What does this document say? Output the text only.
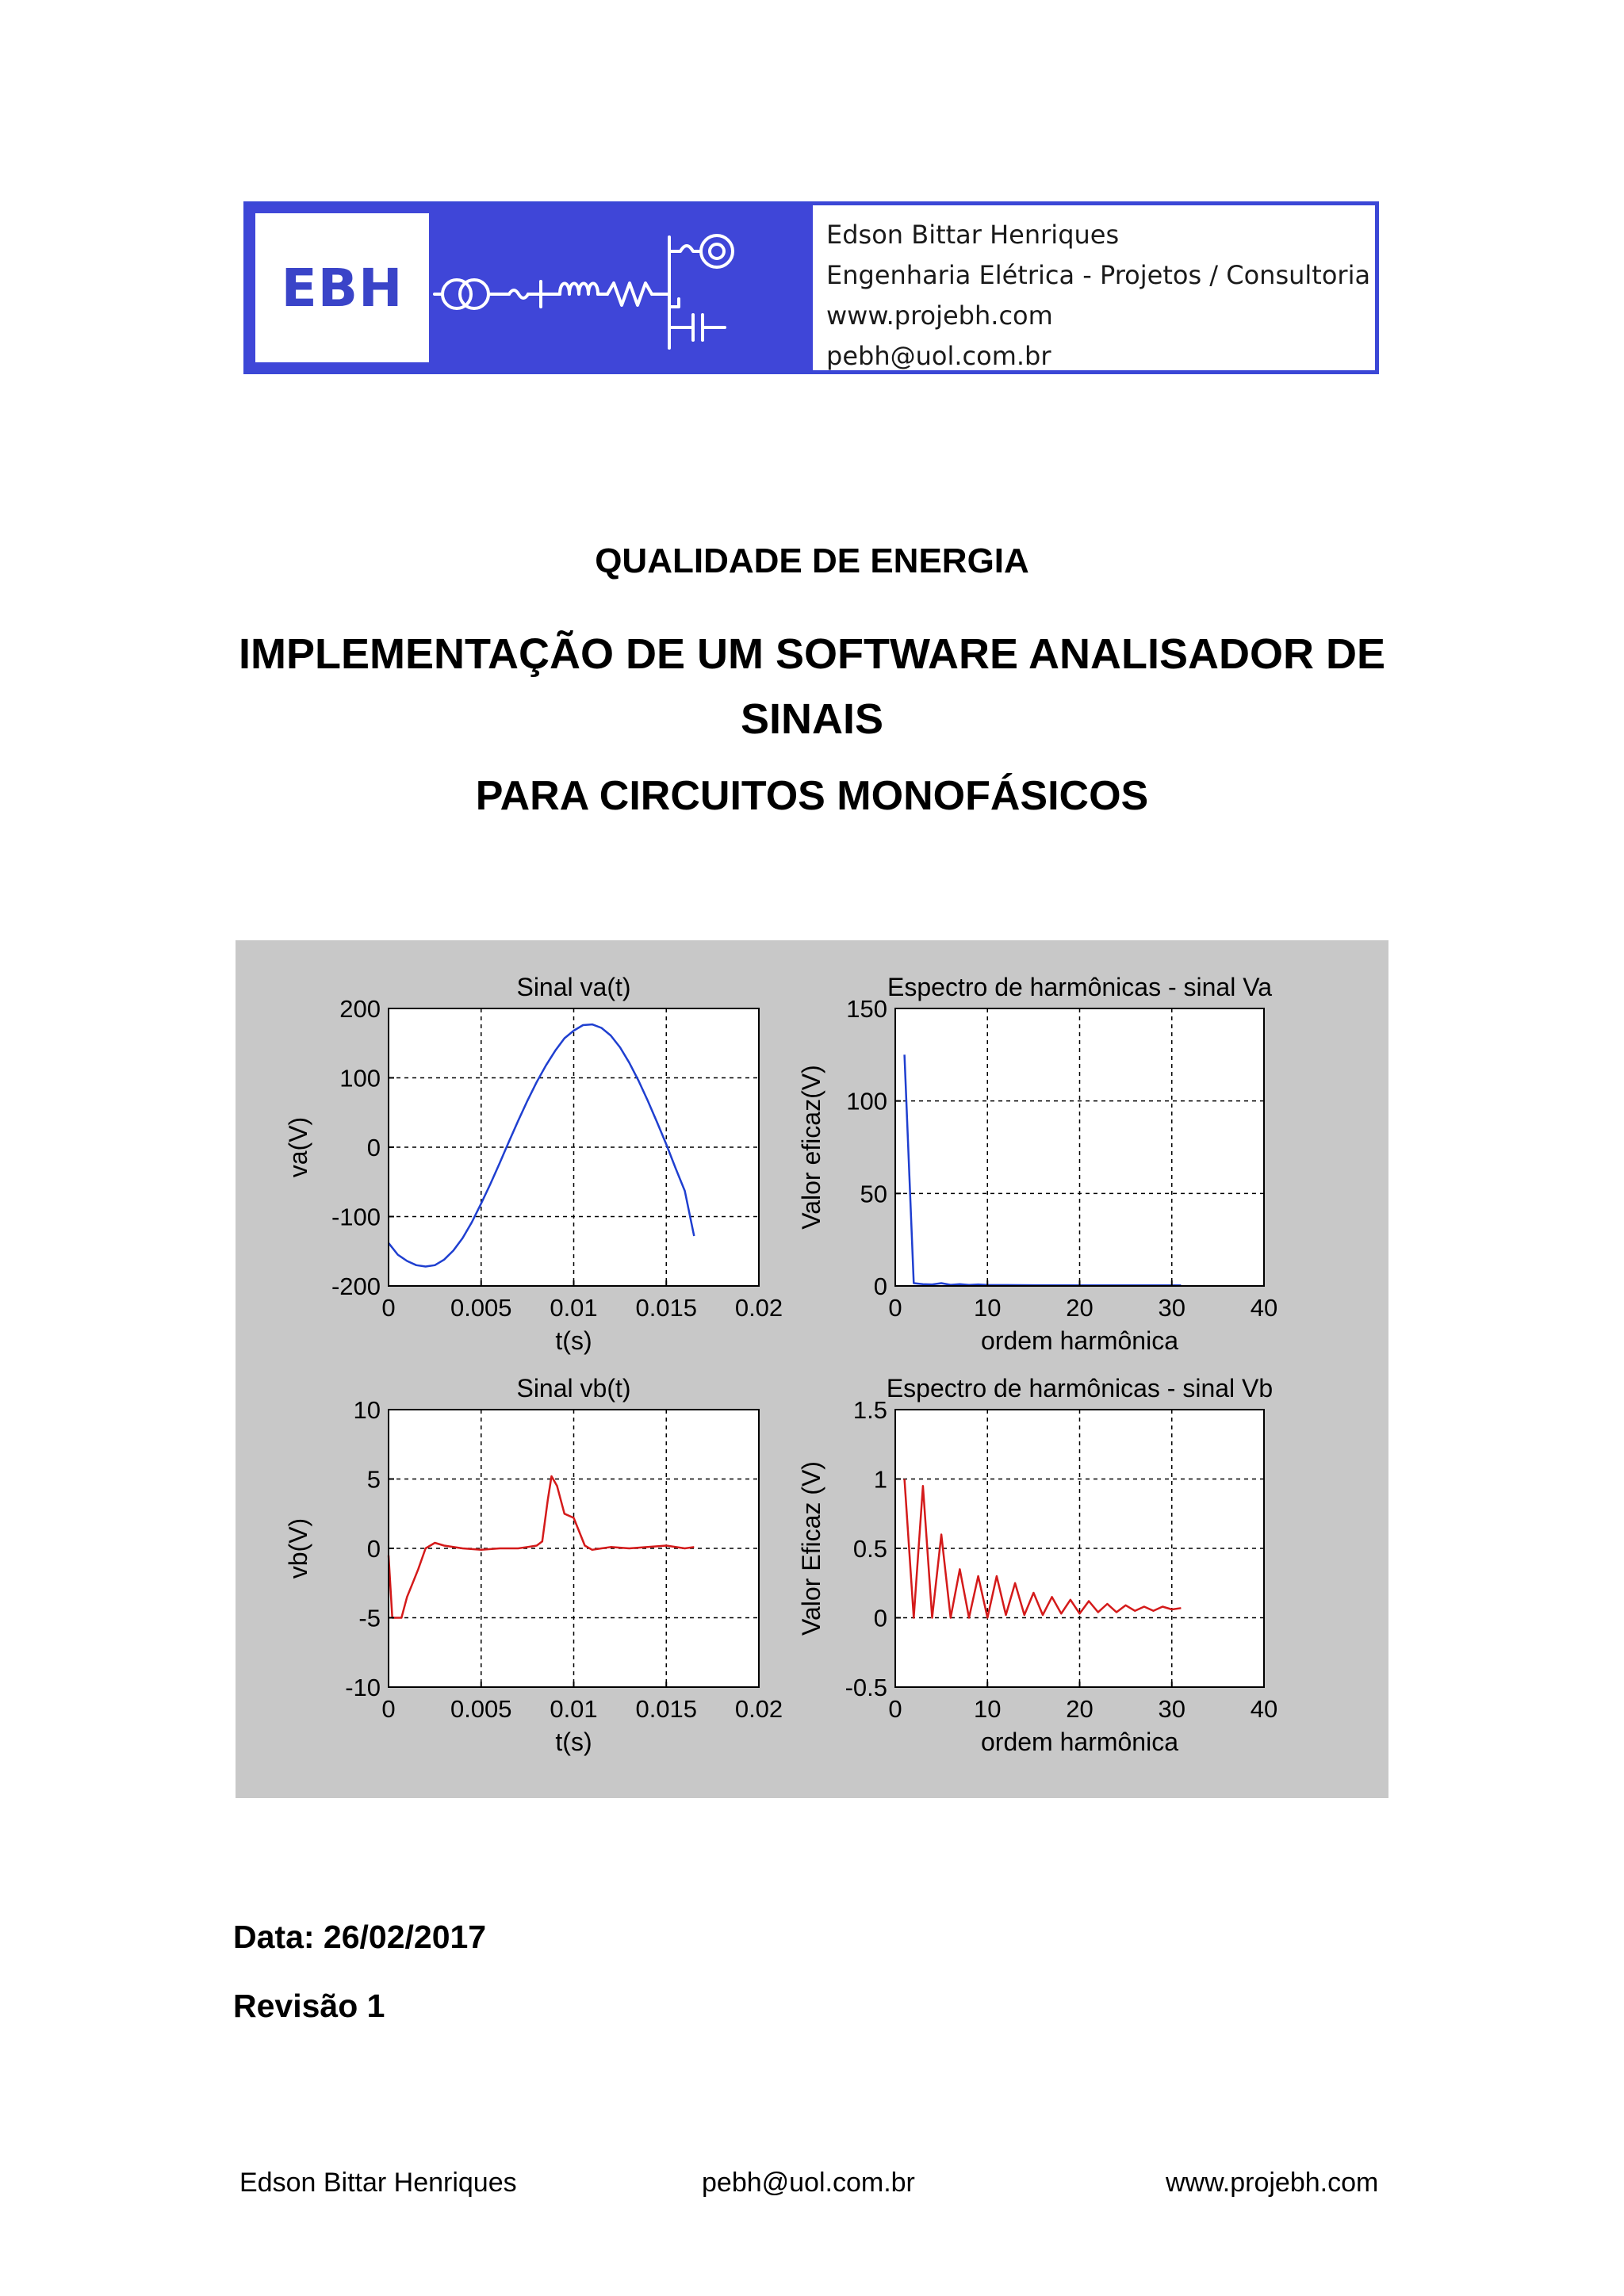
EBH
Edson Bittar Henriques
Engenharia Elétrica - Projetos / Consultoria
www.projebh.com
pebh@uol.com.br
QUALIDADE DE ENERGIA
IMPLEMENTAÇÃO DE UM SOFTWARE ANALISADOR DE
SINAIS
PARA CIRCUITOS MONOFÁSICOS
0 0.005 0.01 0.015 0.02
-200
-100
0
100
200
Sinal va(t)
t(s)
va(V)
0	10	20	30	40
0
50
100
150
Espectro de harmônicas - sinal Va
ordem harmônica
Valor eficaz(V)
0 0.005 0.01 0.015 0.02
-10
-5
0
5
10
Sinal vb(t)
t(s)
vb(V)
0	10	20	30	40
-0.5
0
0.5
1
1.5
Espectro de harmônicas - sinal Vb
ordem harmônica
Valor Eficaz (V)
Data: 26/02/2017
Revisão 1
Edson Bittar Henriques	pebh@uol.com.br	www.projebh.com
